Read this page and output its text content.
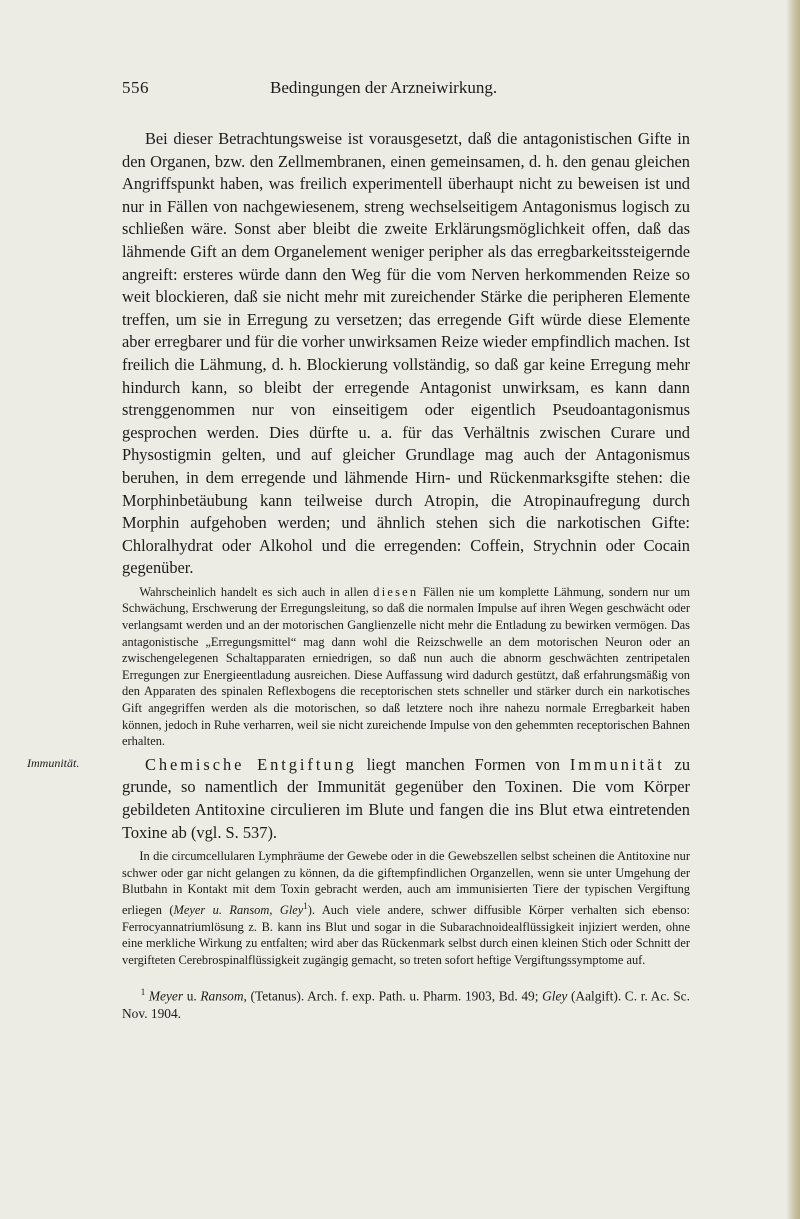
556	Bedingungen der Arzneiwirkung.

Bei dieser Betrachtungsweise ist vorausgesetzt, daß die antagonistischen Gifte in den Organen, bzw. den Zellmembranen, einen gemeinsamen, d. h. den genau gleichen Angriffspunkt haben, was freilich experimentell überhaupt nicht zu beweisen ist und nur in Fällen von nachgewiesenem, streng wechselseitigem Antagonismus logisch zu schließen wäre. Sonst aber bleibt die zweite Erklärungsmöglichkeit offen, daß das lähmende Gift an dem Organelement weniger peripher als das erregbarkeitssteigernde angreift: ersteres würde dann den Weg für die vom Nerven herkommenden Reize so weit blockieren, daß sie nicht mehr mit zureichender Stärke die peripheren Elemente treffen, um sie in Erregung zu versetzen; das erregende Gift würde diese Elemente aber erregbarer und für die vorher unwirksamen Reize wieder empfindlich machen. Ist freilich die Lähmung, d. h. Blockierung vollständig, so daß gar keine Erregung mehr hindurch kann, so bleibt der erregende Antagonist unwirksam, es kann dann strenggenommen nur von einseitigem oder eigentlich Pseudoantagonismus gesprochen werden. Dies dürfte u. a. für das Verhältnis zwischen Curare und Physostigmin gelten, und auf gleicher Grundlage mag auch der Antagonismus beruhen, in dem erregende und lähmende Hirn- und Rückenmarksgifte stehen: die Morphinbetäubung kann teilweise durch Atropin, die Atropinaufregung durch Morphin aufgehoben werden; und ähnlich stehen sich die narkotischen Gifte: Chloralhydrat oder Alkohol und die erregenden: Coffein, Strychnin oder Cocain gegenüber.

Wahrscheinlich handelt es sich auch in allen diesen Fällen nie um komplette Lähmung, sondern nur um Schwächung, Erschwerung der Erregungsleitung, so daß die normalen Impulse auf ihren Wegen geschwächt oder verlangsamt werden und an der motorischen Ganglienzelle nicht mehr die Entladung zu bewirken vermögen. Das antagonistische „Erregungsmittel“ mag dann wohl die Reizschwelle an dem motorischen Neuron oder an zwischengelegenen Schaltapparaten erniedrigen, so daß nun auch die abnorm geschwächten zentripetalen Erregungen zur Energieentladung ausreichen. Diese Auffassung wird dadurch gestützt, daß erfahrungsmäßig von den Apparaten des spinalen Reflexbogens die receptorischen stets schneller und stärker durch ein narkotisches Gift angegriffen werden als die motorischen, so daß letztere noch ihre nahezu normale Erregbarkeit haben können, jedoch in Ruhe verharren, weil sie nicht zureichende Impulse von den gehemmten receptorischen Bahnen erhalten.

Immunität.	Chemische Entgiftung liegt manchen Formen von Immunität zu grunde, so namentlich der Immunität gegenüber den Toxinen. Die vom Körper gebildeten Antitoxine circulieren im Blute und fangen die ins Blut etwa eintretenden Toxine ab (vgl. S. 537).

In die circumcellularen Lymphräume der Gewebe oder in die Gewebszellen selbst scheinen die Antitoxine nur schwer oder gar nicht gelangen zu können, da die giftempfindlichen Organzellen, wenn sie unter Umgehung der Blutbahn in Kontakt mit dem Toxin gebracht werden, auch am immunisierten Tiere der typischen Vergiftung erliegen (Meyer u. Ransom, Gley$^1$). Auch viele andere, schwer diffusible Körper verhalten sich ebenso: Ferrocyannatriumlösung z. B. kann ins Blut und sogar in die Subarachnoidealflüssigkeit injiziert werden, ohne eine merkliche Wirkung zu entfalten; wird aber das Rückenmark selbst durch einen kleinen Stich oder Schnitt der vergifteten Cerebrospinalflüssigkeit zugängig gemacht, so treten sofort heftige Vergiftungssymptome auf.

$^1$ Meyer u. Ransom, (Tetanus). Arch. f. exp. Path. u. Pharm. 1903, Bd. 49; Gley (Aalgift). C. r. Ac. Sc. Nov. 1904.
